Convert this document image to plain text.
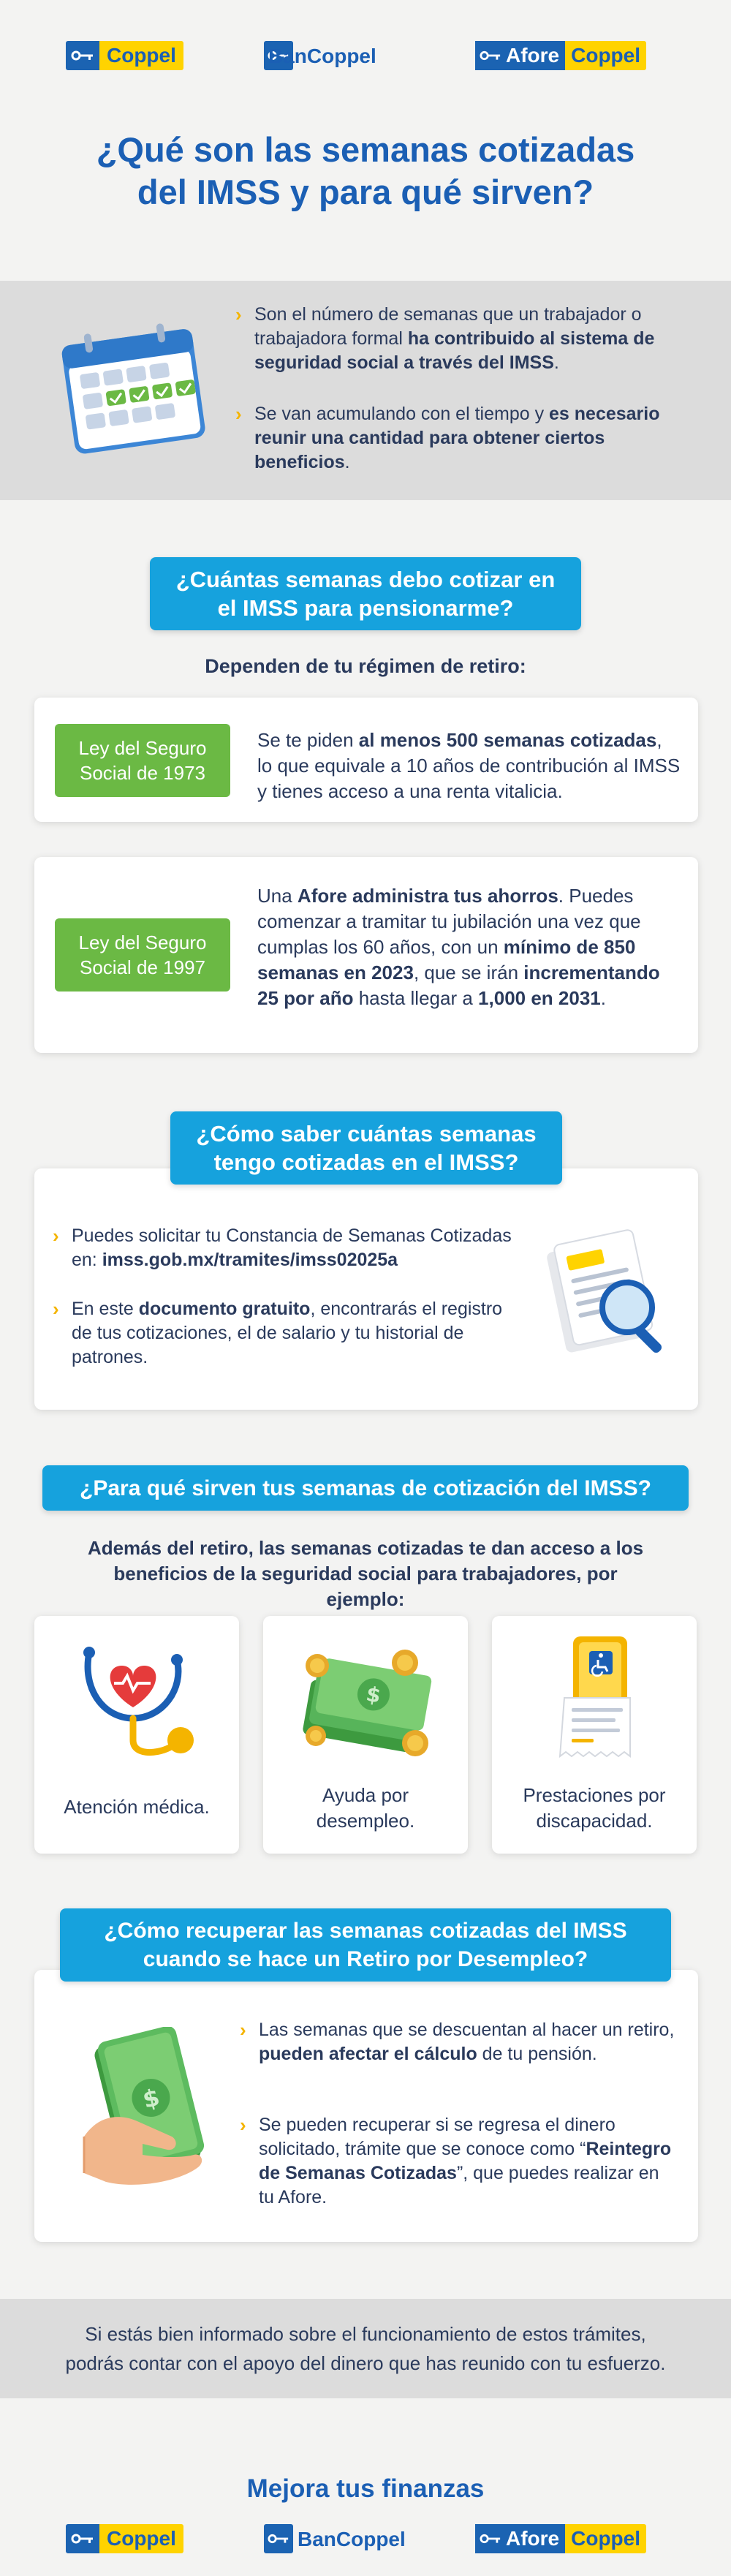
Coppel	BanCoppel	Afore Coppel
¿Qué son las semanas cotizadas
del IMSS y para qué sirven?
› Son el número de semanas que un trabajador o trabajadora formal ha contribuido al sistema de seguridad social a través del IMSS.
› Se van acumulando con el tiempo y es necesario reunir una cantidad para obtener ciertos beneficios.
¿Cuántas semanas debo cotizar en
el IMSS para pensionarme?
Dependen de tu régimen de retiro:
Ley del Seguro
Social de 1973
Se te piden al menos 500 semanas cotizadas, lo que equivale a 10 años de contribución al IMSS y tienes acceso a una renta vitalicia.
Ley del Seguro
Social de 1997
Una Afore administra tus ahorros. Puedes comenzar a tramitar tu jubilación una vez que cumplas los 60 años, con un mínimo de 850 semanas en 2023, que se irán incrementando 25 por año hasta llegar a 1,000 en 2031.
¿Cómo saber cuántas semanas
tengo cotizadas en el IMSS?
› Puedes solicitar tu Constancia de Semanas Cotizadas en: imss.gob.mx/tramites/imss02025a
› En este documento gratuito, encontrarás el registro de tus cotizaciones, el de salario y tu historial de patrones.
¿Para qué sirven tus semanas de cotización del IMSS?
Además del retiro, las semanas cotizadas te dan acceso a los beneficios de la seguridad social para trabajadores, por ejemplo:
Atención médica.
$
Ayuda por
desempleo.
Prestaciones por
discapacidad.
¿Cómo recuperar las semanas cotizadas del IMSS
cuando se hace un Retiro por Desempleo?
$
› Las semanas que se descuentan al hacer un retiro, pueden afectar el cálculo de tu pensión.
› Se pueden recuperar si se regresa el dinero solicitado, trámite que se conoce como “Reintegro de Semanas Cotizadas”, que puedes realizar en tu Afore.
Si estás bien informado sobre el funcionamiento de estos trámites,
podrás contar con el apoyo del dinero que has reunido con tu esfuerzo.
Mejora tus finanzas
Coppel	BanCoppel	Afore Coppel
